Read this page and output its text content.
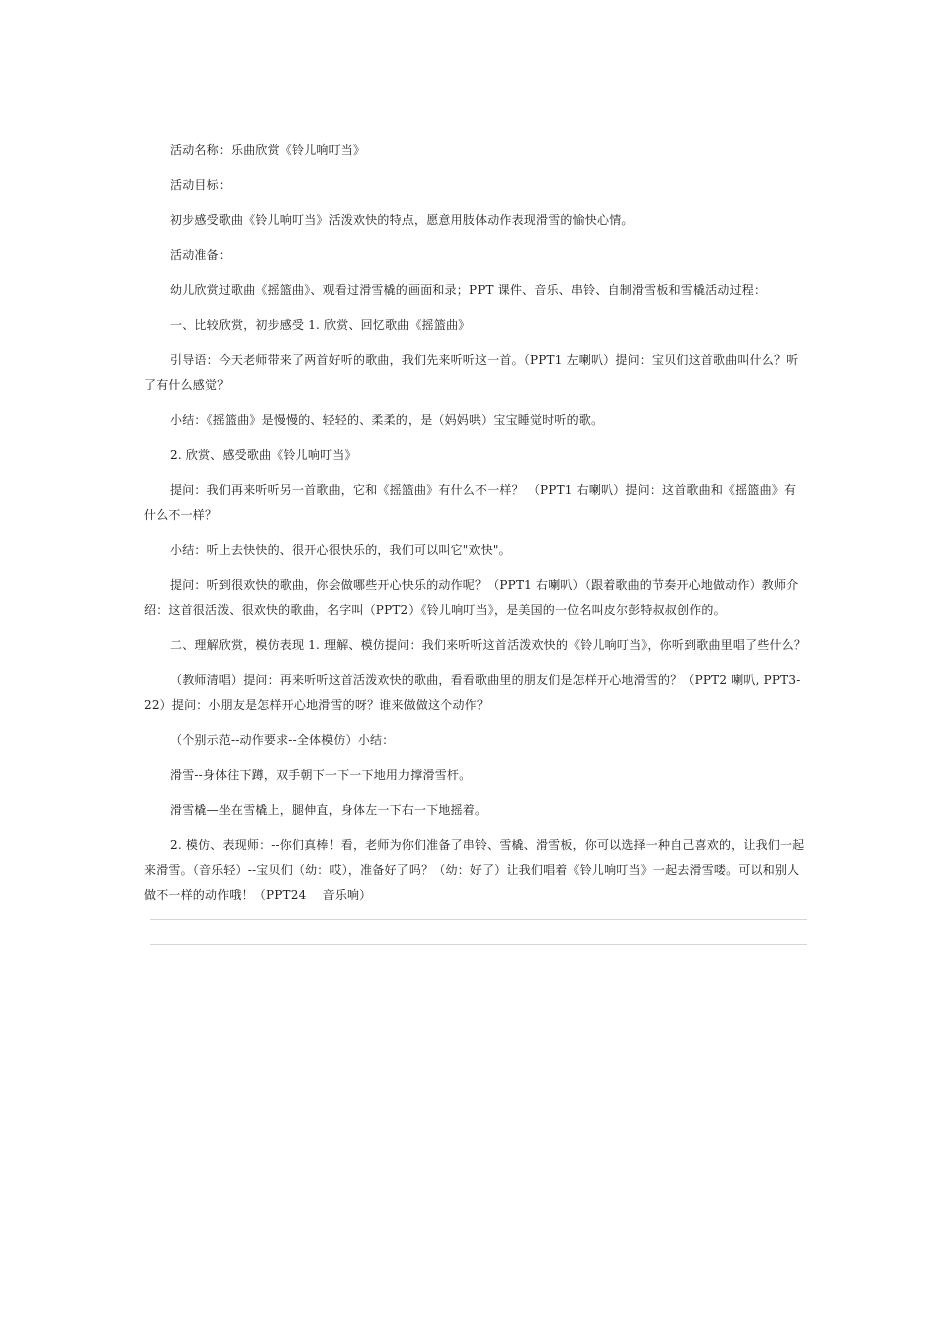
活动名称：乐曲欣赏《铃儿响叮当》

活动目标：

初步感受歌曲《铃儿响叮当》活泼欢快的特点，愿意用肢体动作表现滑雪的愉快心情。

活动准备：

幼儿欣赏过歌曲《摇篮曲》、观看过滑雪橇的画面和录；PPT 课件、音乐、串铃、自制滑雪板和雪橇活动过程：

一、比较欣赏，初步感受 1. 欣赏、回忆歌曲《摇篮曲》

引导语：今天老师带来了两首好听的歌曲，我们先来听听这一首。（PPT1 左喇叭）提问：宝贝们这首歌曲叫什么？听了有什么感觉？

小结：《摇篮曲》是慢慢的、轻轻的、柔柔的，是（妈妈哄）宝宝睡觉时听的歌。

2. 欣赏、感受歌曲《铃儿响叮当》

提问：我们再来听听另一首歌曲，它和《摇篮曲》有什么不一样？ （PPT1 右喇叭）提问：这首歌曲和《摇篮曲》有什么不一样？

小结：听上去快快的、很开心很快乐的，我们可以叫它"欢快"。

提问：听到很欢快的歌曲，你会做哪些开心快乐的动作呢？（PPT1 右喇叭）（跟着歌曲的节奏开心地做动作）教师介绍：这首很活泼、很欢快的歌曲，名字叫（PPT2）《铃儿响叮当》，是美国的一位名叫皮尔彭特叔叔创作的。

二、理解欣赏，模仿表现 1. 理解、模仿提问：我们来听听这首活泼欢快的《铃儿响叮当》，你听到歌曲里唱了些什么？

（教师清唱）提问：再来听听这首活泼欢快的歌曲，看看歌曲里的朋友们是怎样开心地滑雪的？（PPT2 喇叭, PPT3-22）提问：小朋友是怎样开心地滑雪的呀？谁来做做这个动作？

（个别示范--动作要求--全体模仿）小结：

滑雪--身体往下蹲，双手朝下一下一下地用力撑滑雪杆。

滑雪橇—坐在雪橇上，腿伸直，身体左一下右一下地摇着。

2. 模仿、表现师：--你们真棒！看，老师为你们准备了串铃、雪橇、滑雪板，你可以选择一种自己喜欢的，让我们一起来滑雪。（音乐轻）--宝贝们（幼：哎），准备好了吗？（幼：好了）让我们唱着《铃儿响叮当》一起去滑雪喽。可以和别人做不一样的动作哦！（PPT24　 音乐响）
